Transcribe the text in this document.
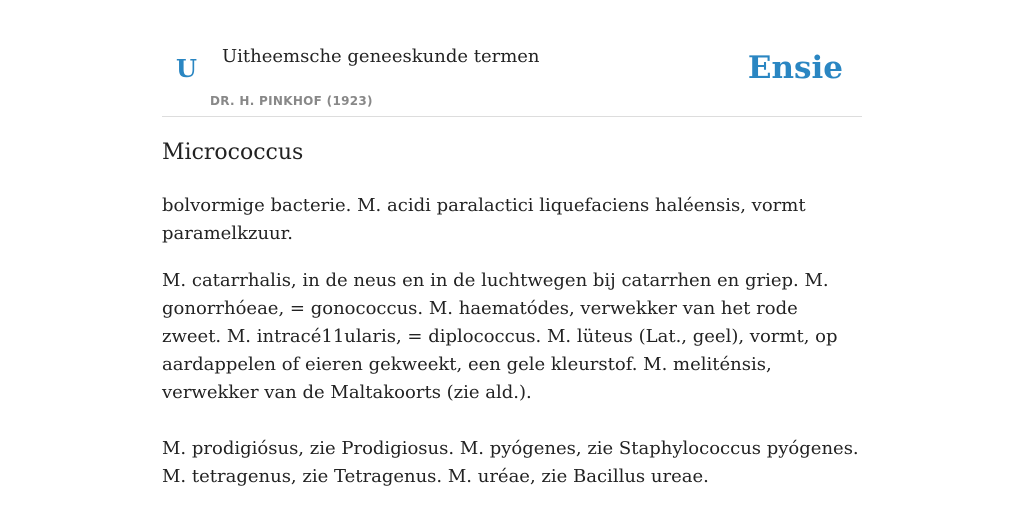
U Uitheemsche geneeskunde termen
DR. H. PINKHOF (1923)
Ensie
Micrococcus

bolvormige bacterie. M. acidi paralactici liquefaciens haléensis, vormt paramelkzuur.

M. catarrhalis, in de neus en in de luchtwegen bij catarrhen en griep. M. gonorrhóeae, = gonococcus. M. haematódes, verwekker van het rode zweet. M. intracé11ularis, = diplococcus. M. lüteus (Lat., geel), vormt, op aardappelen of eieren gekweekt, een gele kleurstof. M. meliténsis, verwekker van de Maltakoorts (zie ald.).

M. prodigiósus, zie Prodigiosus. M. pyógenes, zie Staphylococcus pyógenes. M. tetragenus, zie Tetragenus. M. uréae, zie Bacillus ureae.
